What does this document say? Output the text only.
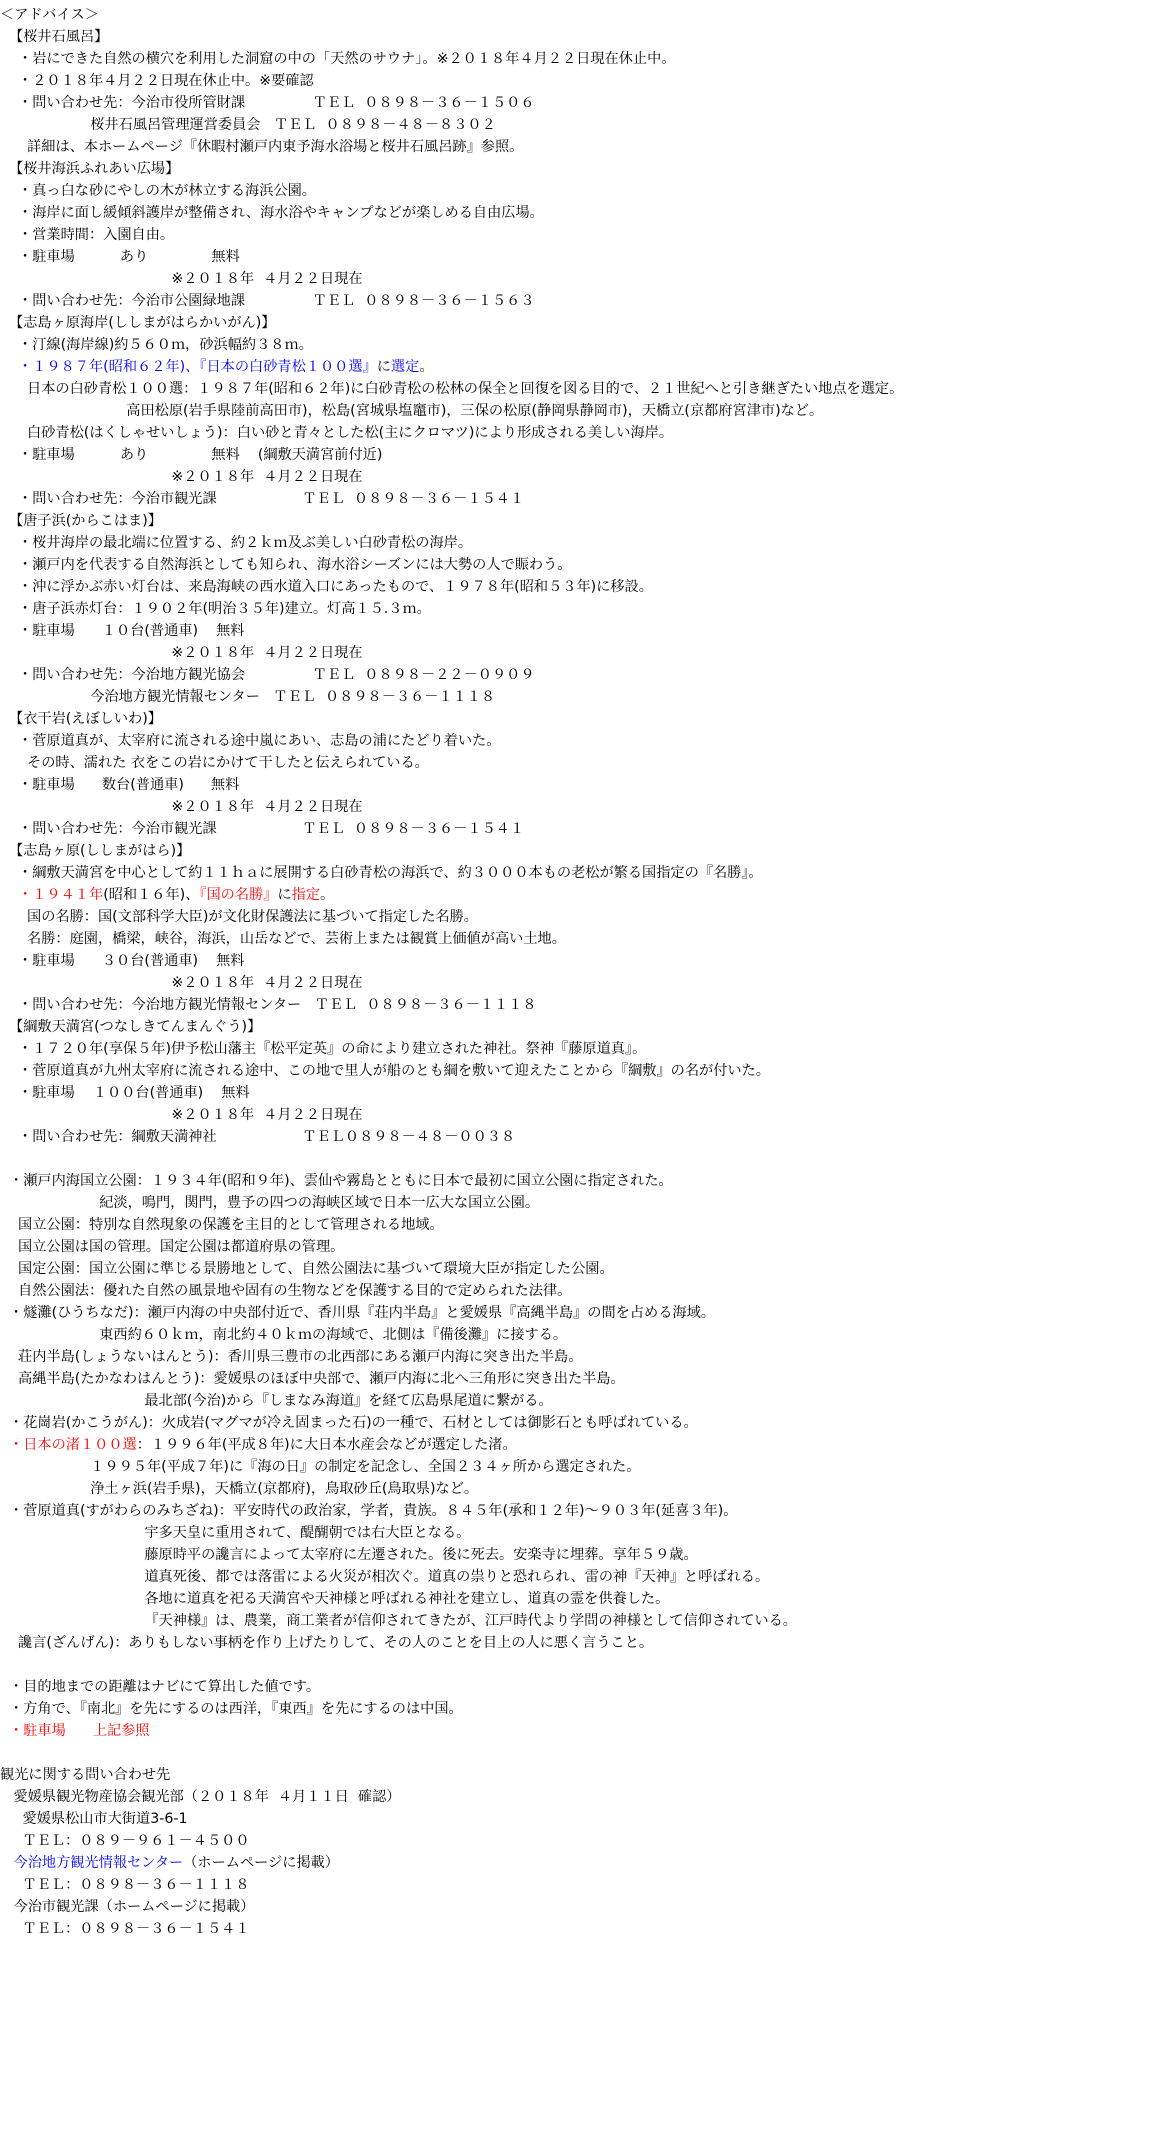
＜アドバイス＞
【桜井石風呂】
・岩にできた自然の横穴を利用した洞窟の中の「天然のサウナ」。※２０１８年４月２２日現在休止中。
・２０１８年４月２２日現在休止中。※要確認
・問い合わせ先：今治市役所管財課               ＴＥＬ  ０８９８－３６－１５０６
桜井石風呂管理運営委員会   ＴＥＬ  ０８９８－４８－８３０２
詳細は、本ホームページ『休暇村瀬戸内東予海水浴場と桜井石風呂跡』参照。
【桜井海浜ふれあい広場】
・真っ白な砂にやしの木が林立する海浜公園。
・海岸に面し緩傾斜護岸が整備され、海水浴やキャンプなどが楽しめる自由広場。
・営業時間：入園自由。
・駐車場          あり              無料
※２０１８年  ４月２２日現在
・問い合わせ先：今治市公園緑地課               ＴＥＬ  ０８９８－３６－１５６３
【志島ヶ原海岸(ししまがはらかいがん)】
・汀線(海岸線)約５６０ｍ，砂浜幅約３８ｍ。
・１９８７年(昭和６２年)、『日本の白砂青松１００選』に選定。
日本の白砂青松１００選：１９８７年(昭和６２年)に白砂青松の松林の保全と回復を図る目的で、２１世紀へと引き継ぎたい地点を選定。
高田松原(岩手県陸前高田市)，松島(宮城県塩竈市)，三保の松原(静岡県静岡市)，天橋立(京都府宮津市)など。
白砂青松(はくしゃせいしょう)：白い砂と青々とした松(主にクロマツ)により形成される美しい海岸。
・駐車場          あり              無料    (綱敷天満宮前付近)
※２０１８年  ４月２２日現在
・問い合わせ先：今治市観光課                   ＴＥＬ  ０８９８－３６－１５４１
【唐子浜(からこはま)】
・桜井海岸の最北端に位置する、約２ｋｍ及ぶ美しい白砂青松の海岸。
・瀬戸内を代表する自然海浜としても知られ、海水浴シーズンには大勢の人で賑わう。
・沖に浮かぶ赤い灯台は、来島海峡の西水道入口にあったもので、１９７８年(昭和５３年)に移設。
・唐子浜赤灯台：１９０２年(明治３５年)建立。灯高１５.３ｍ。
・駐車場      １０台(普通車)    無料
※２０１８年  ４月２２日現在
・問い合わせ先：今治地方観光協会               ＴＥＬ  ０８９８－２２－０９０９
今治地方観光情報センター   ＴＥＬ  ０８９８－３６－１１１８
【衣干岩(えぼしいわ)】
・菅原道真が、太宰府に流される途中嵐にあい、志島の浦にたどり着いた。
その時、濡れた 衣をこの岩にかけて干したと伝えられている。
・駐車場      数台(普通車)      無料
※２０１８年  ４月２２日現在
・問い合わせ先：今治市観光課                   ＴＥＬ  ０８９８－３６－１５４１
【志島ヶ原(ししまがはら)】
・綱敷天満宮を中心として約１１ｈａに展開する白砂青松の海浜で、約３０００本もの老松が繁る国指定の『名勝』。
・１９４１年(昭和１６年)、『国の名勝』に指定。
国の名勝：国(文部科学大臣)が文化財保護法に基づいて指定した名勝。
名勝：庭園，橋梁，峡谷，海浜，山岳などで、芸術上または観賞上価値が高い土地。
・駐車場      ３０台(普通車)    無料
※２０１８年  ４月２２日現在
・問い合わせ先：今治地方観光情報センター   ＴＥＬ  ０８９８－３６－１１１８
【綱敷天満宮(つなしきてんまんぐう)】
・１７２０年(享保５年)伊予松山藩主『松平定英』の命により建立された神社。祭神『藤原道真』。
・菅原道真が九州太宰府に流される途中、この地で里人が船のとも綱を敷いて迎えたことから『綱敷』の名が付いた。
・駐車場    １００台(普通車)    無料
※２０１８年  ４月２２日現在
・問い合わせ先：綱敷天満神社                   ＴＥＬ０８９８－４８－００３８
・瀬戸内海国立公園：１９３４年(昭和９年)、雲仙や霧島とともに日本で最初に国立公園に指定された。
紀淡，鳴門，関門，豊予の四つの海峡区域で日本一広大な国立公園。
国立公園：特別な自然現象の保護を主目的として管理される地域。
国立公園は国の管理。国定公園は都道府県の管理。
国定公園：国立公園に準じる景勝地として、自然公園法に基づいて環境大臣が指定した公園。
自然公園法：優れた自然の風景地や固有の生物などを保護する目的で定められた法律。
・燧灘(ひうちなだ)：瀬戸内海の中央部付近で、香川県『荘内半島』と愛媛県『高縄半島』の間を占める海域。
東西約６０ｋｍ，南北約４０ｋｍの海域で、北側は『備後灘』に接する。
荘内半島(しょうないはんとう)：香川県三豊市の北西部にある瀬戸内海に突き出た半島。
高縄半島(たかなわはんとう)：愛媛県のほぼ中央部で、瀬戸内海に北へ三角形に突き出た半島。
最北部(今治)から『しまなみ海道』を経て広島県尾道に繋がる。
・花崗岩(かこうがん)：火成岩(マグマが冷え固まった石)の一種で、石材としては御影石とも呼ばれている。
・日本の渚１００選：１９９６年(平成８年)に大日本水産会などが選定した渚。
１９９５年(平成７年)に『海の日』の制定を記念し、全国２３４ヶ所から選定された。
浄土ヶ浜(岩手県)，天橋立(京都府)，鳥取砂丘(鳥取県)など。
・菅原道真(すがわらのみちざね)：平安時代の政治家，学者，貴族。８４５年(承和１２年)～９０３年(延喜３年)。
宇多天皇に重用されて、醍醐朝では右大臣となる。
藤原時平の讒言によって太宰府に左遷された。後に死去。安楽寺に埋葬。享年５９歳。
道真死後、都では落雷による火災が相次ぐ。道真の祟りと恐れられ、雷の神『天神』と呼ばれる。
各地に道真を祀る天満宮や天神様と呼ばれる神社を建立し、道真の霊を供養した。
『天神様』は、農業，商工業者が信仰されてきたが、江戸時代より学問の神様として信仰されている。
讒言(ざんげん)：ありもしない事柄を作り上げたりして、その人のことを目上の人に悪く言うこと。
・目的地までの距離はナビにて算出した値です。
・方角で、『南北』を先にするのは西洋，『東西』を先にするのは中国。
・駐車場      上記参照
観光に関する問い合わせ先
愛媛県観光物産協会観光部（２０１８年  ４月１１日  確認）
愛媛県松山市大街道3-6-1
ＴＥＬ：０８９－９６１－４５００
今治地方観光情報センター（ホームページに掲載）
ＴＥＬ：０８９８－３６－１１１８
今治市観光課（ホームページに掲載）
ＴＥＬ：０８９８－３６－１５４１
